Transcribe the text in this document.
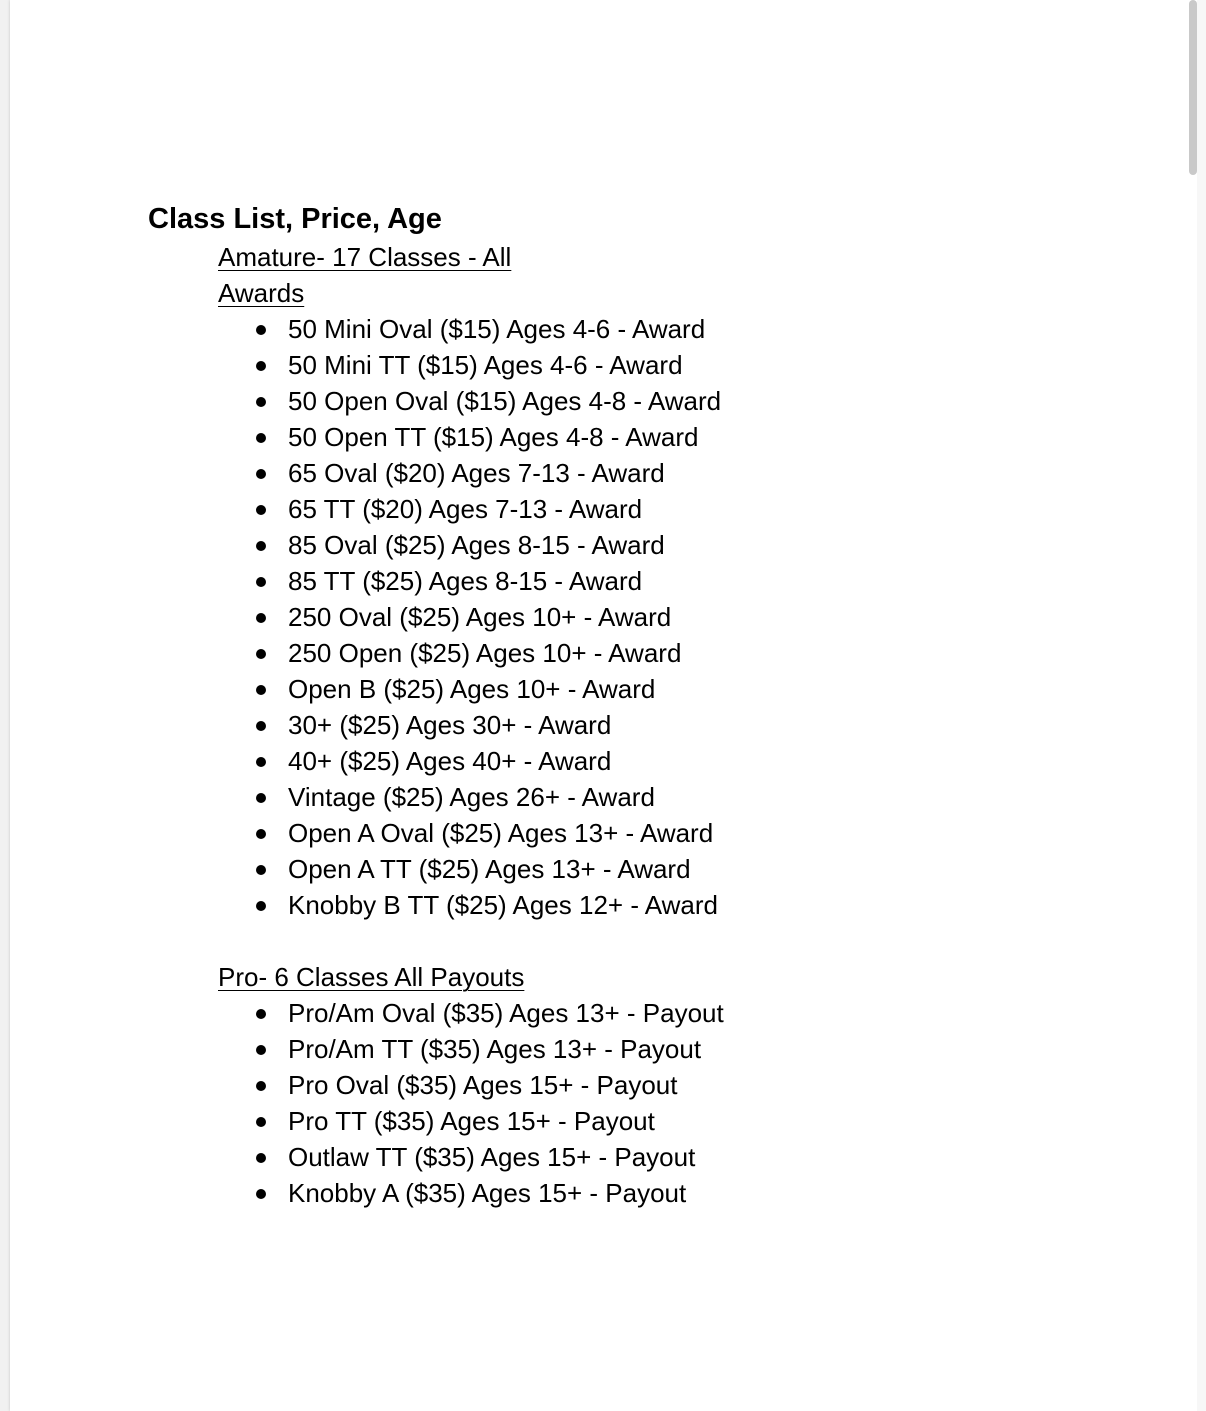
Class List, Price, Age
Amature- 17 Classes - All
Awards
50 Mini Oval ($15) Ages 4-6 - Award
50 Mini TT ($15) Ages 4-6 - Award
50 Open Oval ($15) Ages 4-8 - Award
50 Open TT ($15) Ages 4-8 - Award
65 Oval ($20) Ages 7-13 - Award
65 TT ($20) Ages 7-13 - Award
85 Oval ($25) Ages 8-15 - Award
85 TT ($25) Ages 8-15 - Award
250 Oval ($25) Ages 10+ - Award
250 Open ($25) Ages 10+ - Award
Open B ($25) Ages 10+ - Award
30+ ($25) Ages 30+ - Award
40+ ($25) Ages 40+ - Award
Vintage ($25) Ages 26+ - Award
Open A Oval ($25) Ages 13+ - Award
Open A TT ($25) Ages 13+ - Award
Knobby B TT ($25) Ages 12+ - Award
Pro- 6 Classes All Payouts
Pro/Am Oval ($35) Ages 13+ - Payout
Pro/Am TT ($35) Ages 13+ - Payout
Pro Oval ($35) Ages 15+ - Payout
Pro TT ($35) Ages 15+ - Payout
Outlaw TT ($35) Ages 15+ - Payout
Knobby A ($35) Ages 15+ - Payout
